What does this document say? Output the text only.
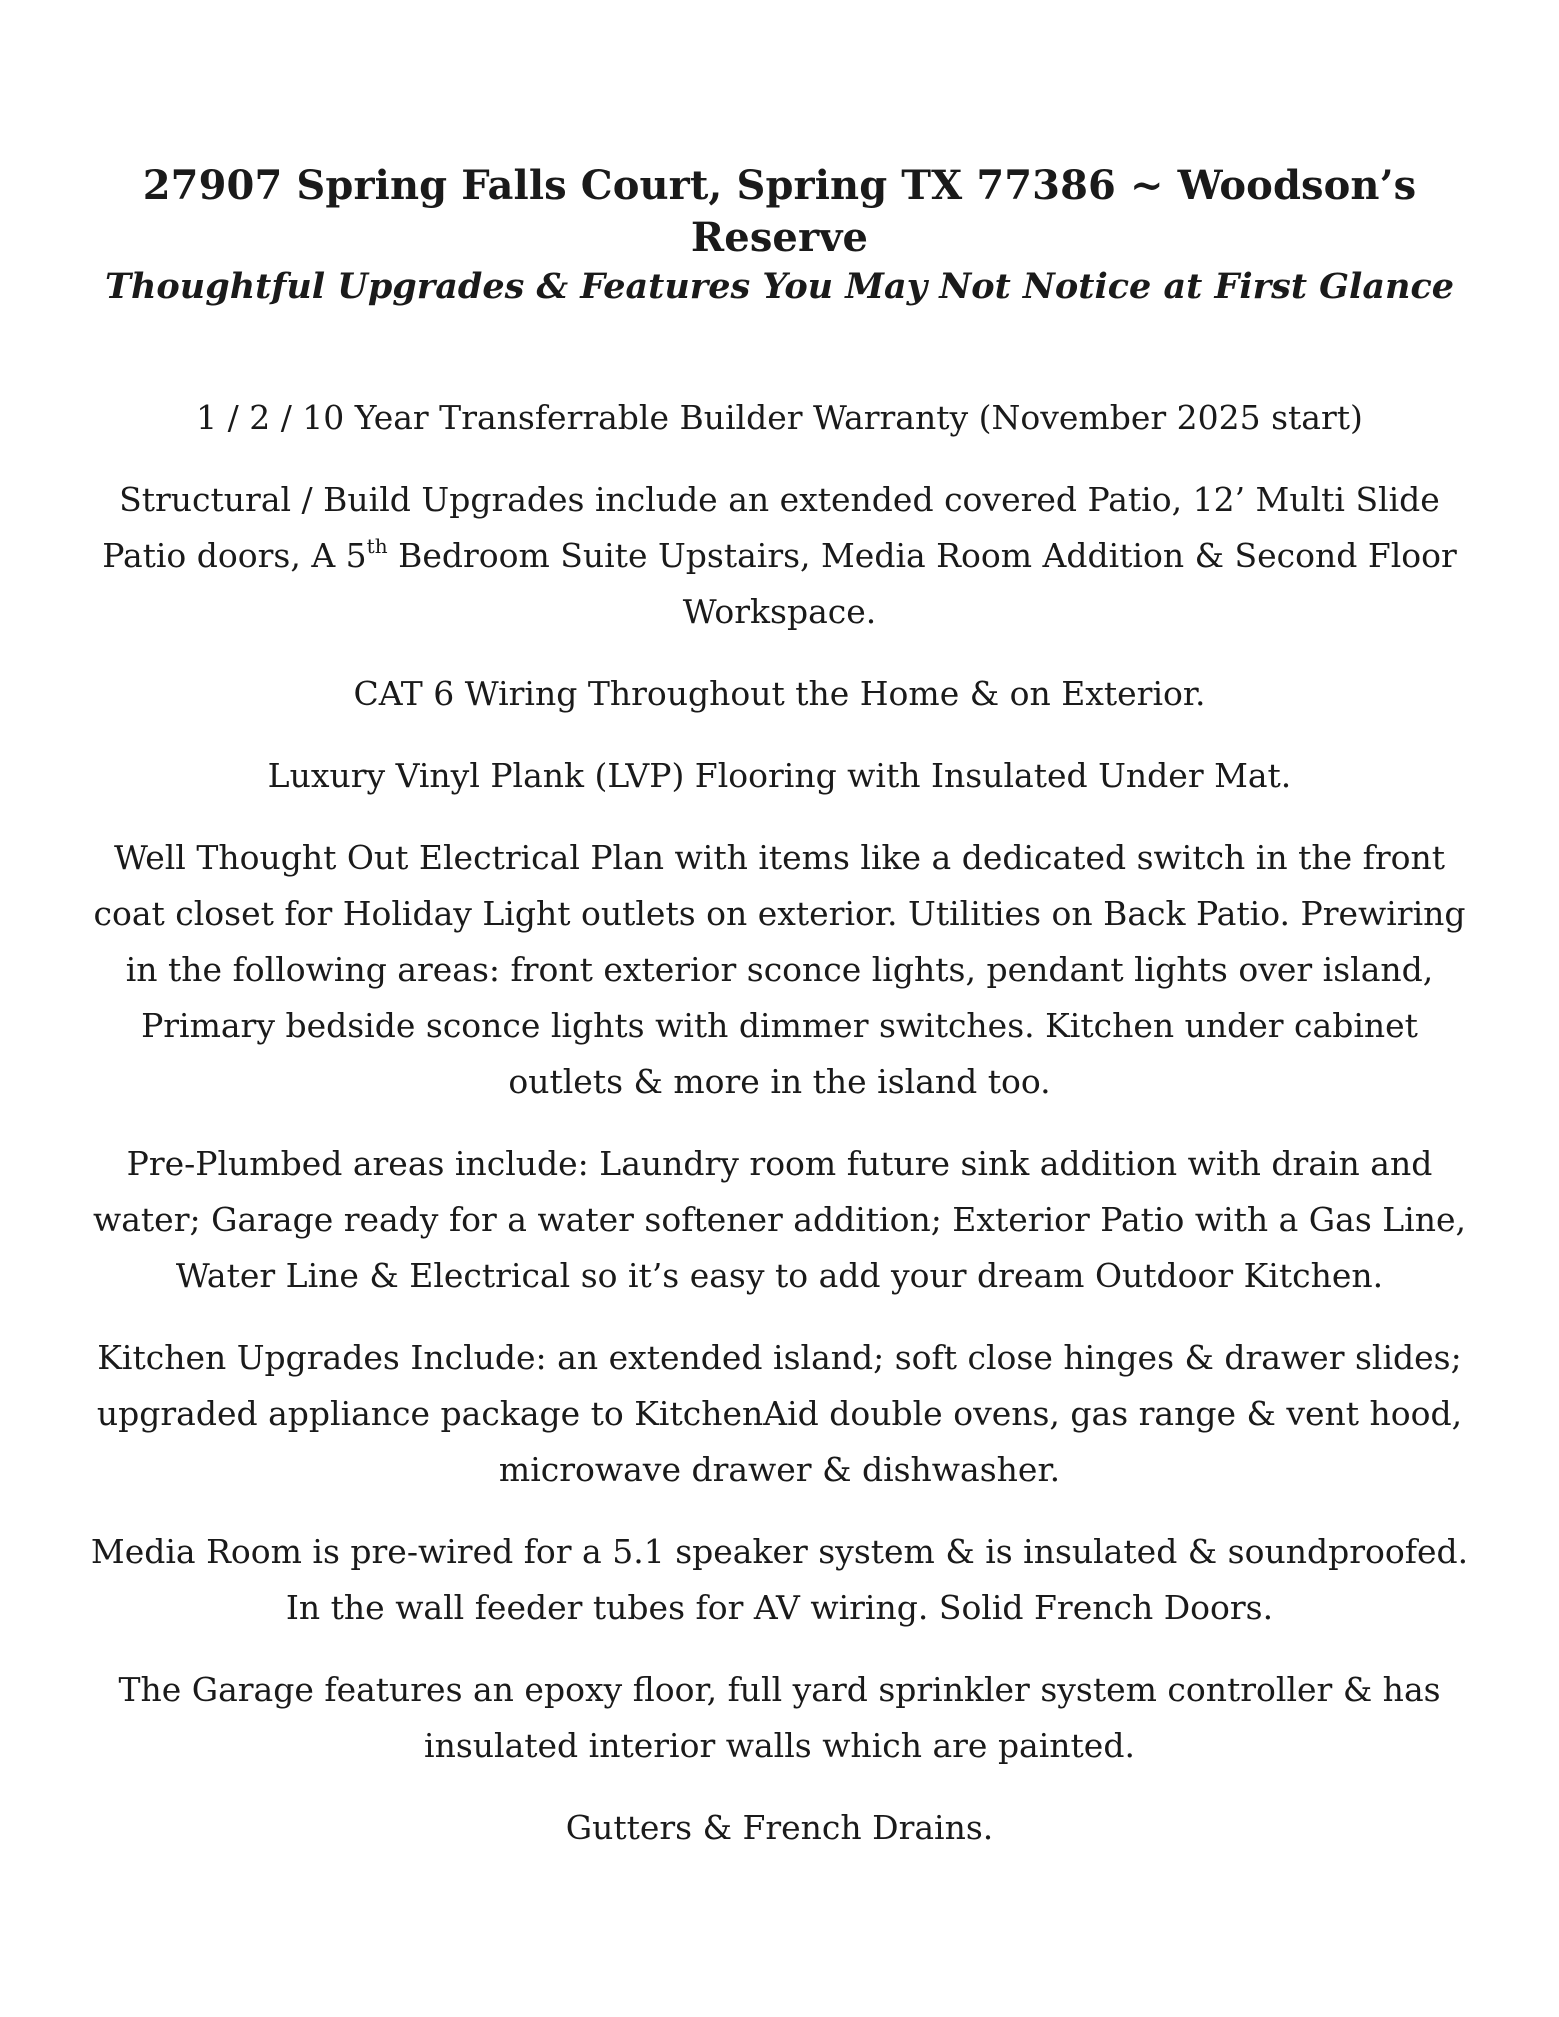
27907 Spring Falls Court, Spring TX 77386 ~ Woodson’s Reserve
Thoughtful Upgrades & Features You May Not Notice at First Glance

1 / 2 / 10 Year Transferrable Builder Warranty (November 2025 start)

Structural / Build Upgrades include an extended covered Patio, 12’ Multi Slide Patio doors, A 5th Bedroom Suite Upstairs, Media Room Addition & Second Floor Workspace.

CAT 6 Wiring Throughout the Home & on Exterior.

Luxury Vinyl Plank (LVP) Flooring with Insulated Under Mat.

Well Thought Out Electrical Plan with items like a dedicated switch in the front coat closet for Holiday Light outlets on exterior. Utilities on Back Patio. Prewiring in the following areas: front exterior sconce lights, pendant lights over island, Primary bedside sconce lights with dimmer switches. Kitchen under cabinet outlets & more in the island too.

Pre-Plumbed areas include: Laundry room future sink addition with drain and water; Garage ready for a water softener addition; Exterior Patio with a Gas Line, Water Line & Electrical so it’s easy to add your dream Outdoor Kitchen.

Kitchen Upgrades Include: an extended island; soft close hinges & drawer slides; upgraded appliance package to KitchenAid double ovens, gas range & vent hood, microwave drawer & dishwasher.

Media Room is pre-wired for a 5.1 speaker system & is insulated & soundproofed. In the wall feeder tubes for AV wiring. Solid French Doors.

The Garage features an epoxy floor, full yard sprinkler system controller & has insulated interior walls which are painted.

Gutters & French Drains.
